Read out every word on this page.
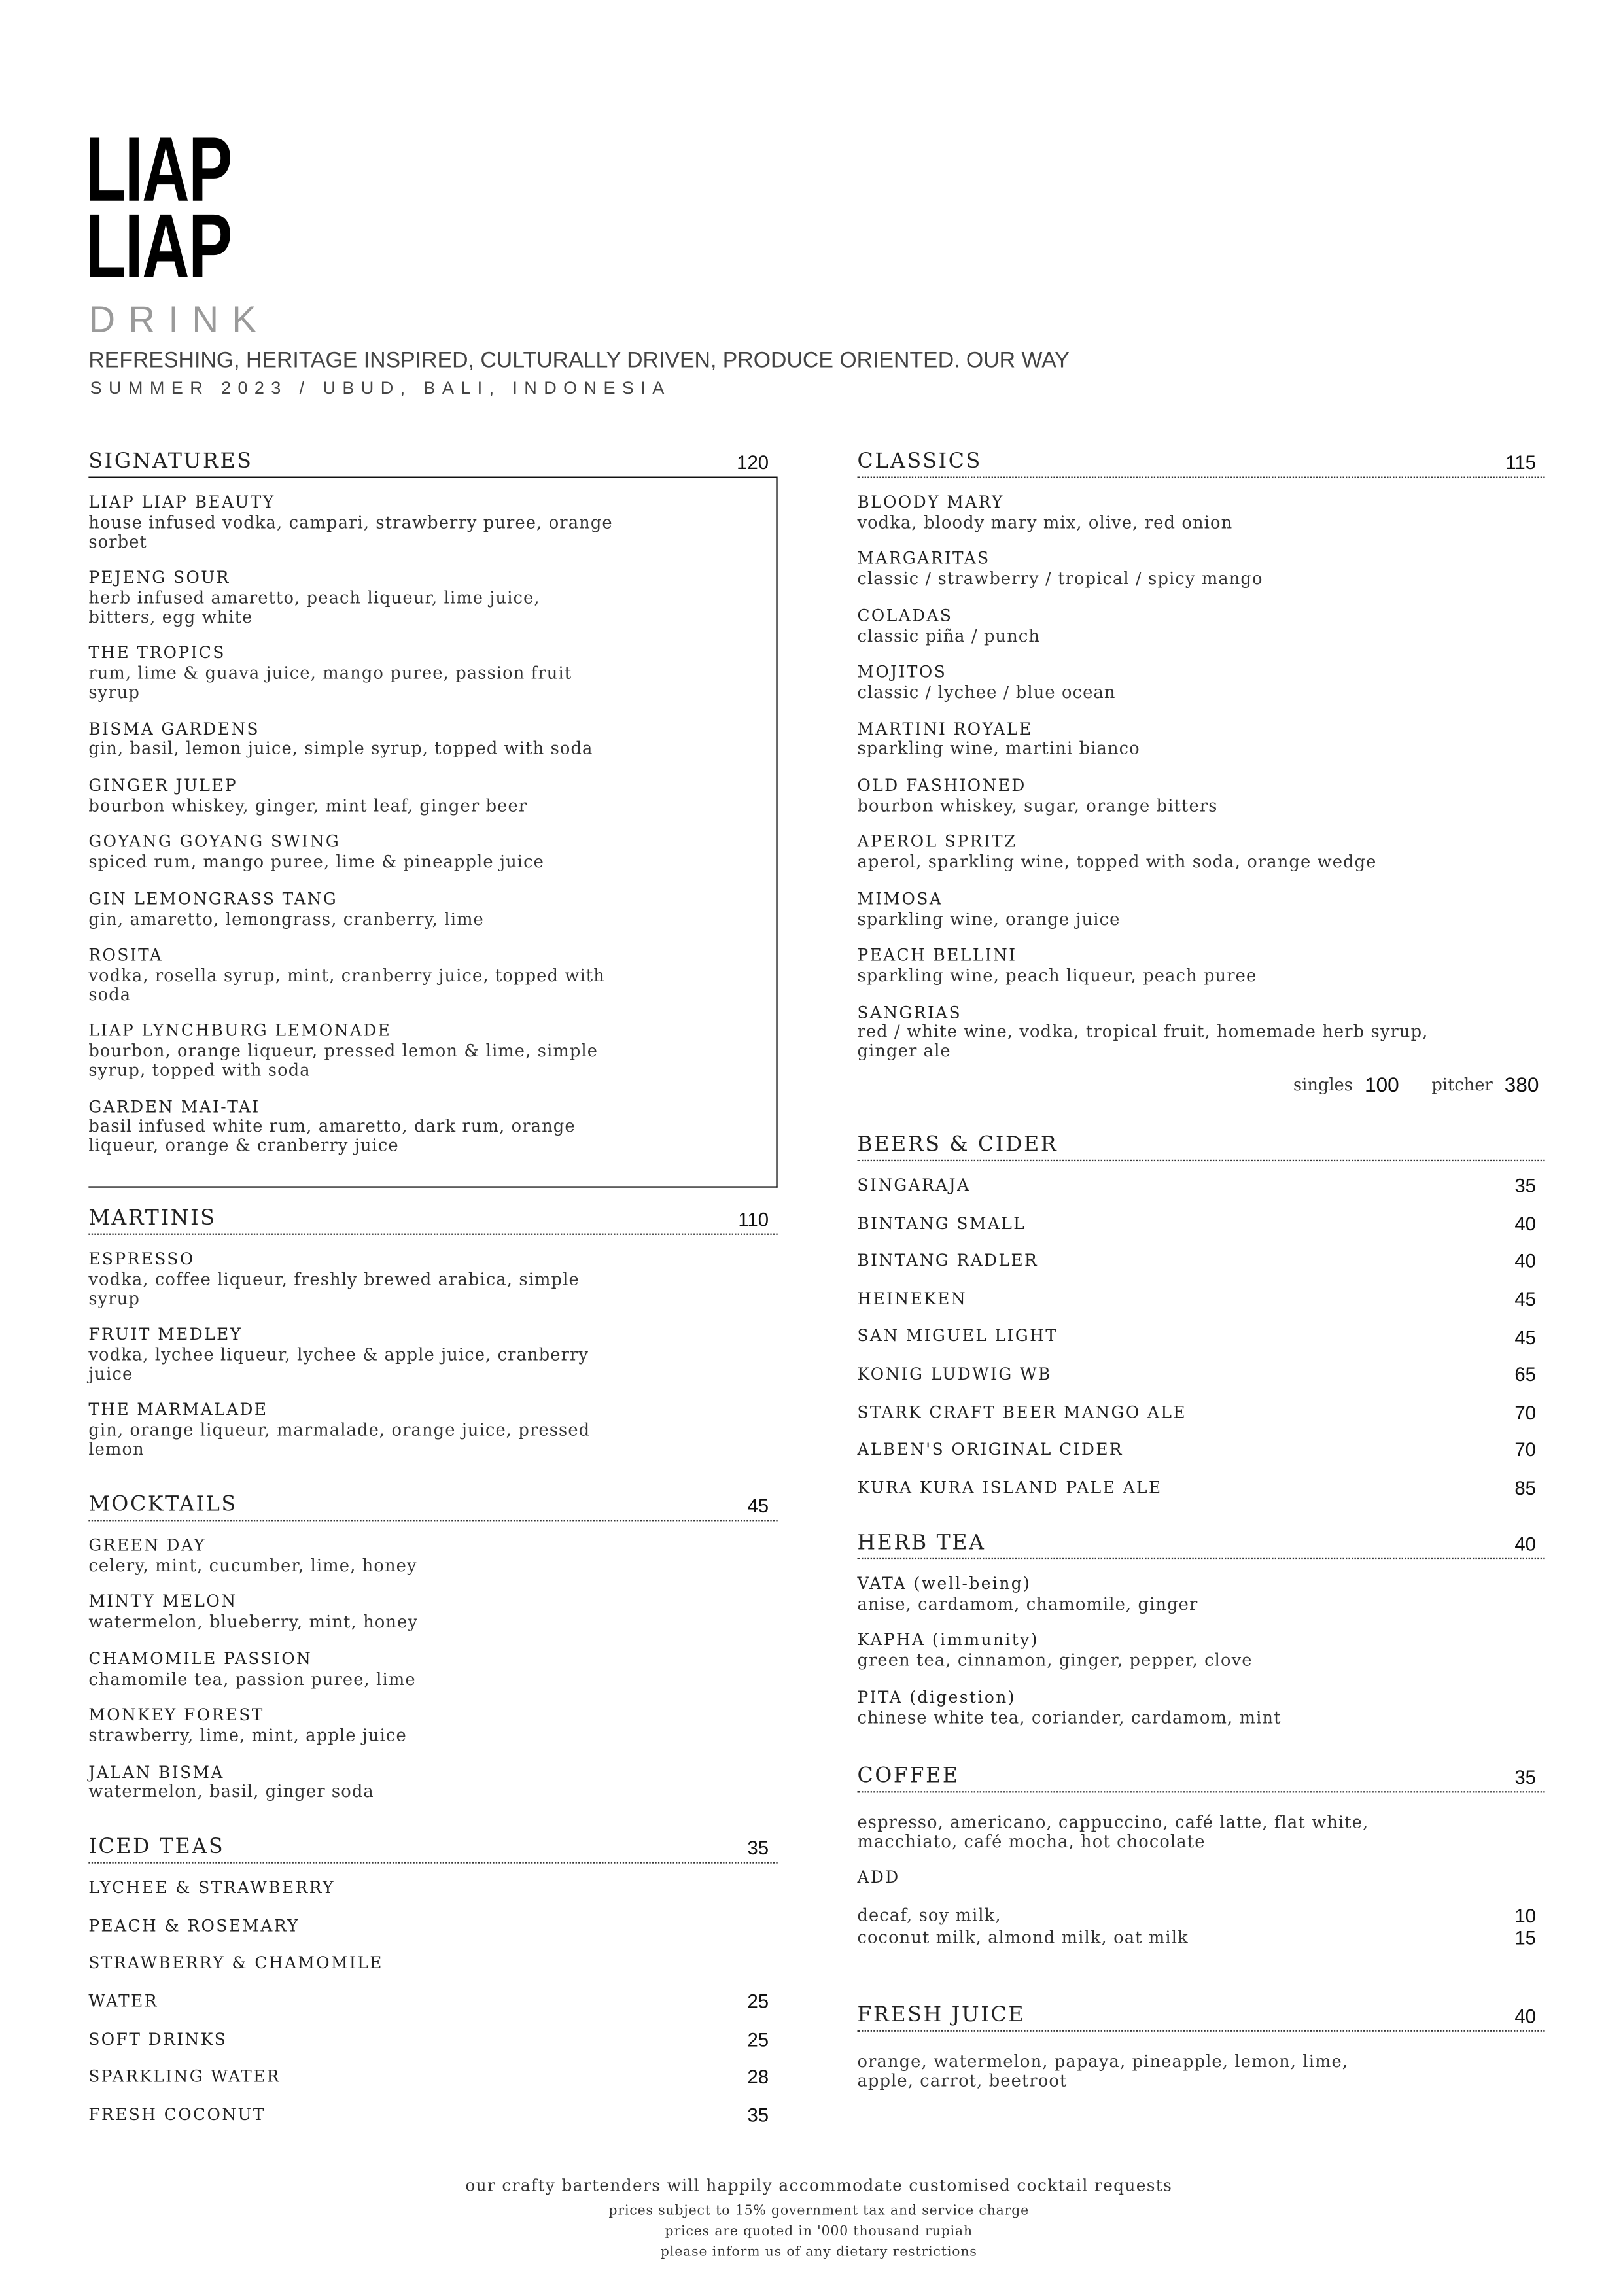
LIAP
LIAP
DRINK
REFRESHING, HERITAGE INSPIRED, CULTURALLY DRIVEN, PRODUCE ORIENTED. OUR WAY
SUMMER 2023 / UBUD, BALI, INDONESIA
SIGNATURES	120
LIAP LIAP BEAUTY
house infused vodka, campari, strawberry puree, orange
sorbet
PEJENG SOUR
herb infused amaretto, peach liqueur, lime juice,
bitters, egg white
THE TROPICS
rum, lime & guava juice, mango puree, passion fruit
syrup
BISMA GARDENS
gin, basil, lemon juice, simple syrup, topped with soda
GINGER JULEP
bourbon whiskey, ginger, mint leaf, ginger beer
GOYANG GOYANG SWING
spiced rum, mango puree, lime & pineapple juice
GIN LEMONGRASS TANG
gin, amaretto, lemongrass, cranberry, lime
ROSITA
vodka, rosella syrup, mint, cranberry juice, topped with
soda
LIAP LYNCHBURG LEMONADE
bourbon, orange liqueur, pressed lemon & lime, simple
syrup, topped with soda
GARDEN MAI-TAI
basil infused white rum, amaretto, dark rum, orange
liqueur, orange & cranberry juice
MARTINIS	110
ESPRESSO
vodka, coffee liqueur, freshly brewed arabica, simple
syrup
FRUIT MEDLEY
vodka, lychee liqueur, lychee & apple juice, cranberry
juice
THE MARMALADE
gin, orange liqueur, marmalade, orange juice, pressed
lemon
MOCKTAILS	45
GREEN DAY
celery, mint, cucumber, lime, honey
MINTY MELON
watermelon, blueberry, mint, honey
CHAMOMILE PASSION
chamomile tea, passion puree, lime
MONKEY FOREST
strawberry, lime, mint, apple juice
JALAN BISMA
watermelon, basil, ginger soda
ICED TEAS	35
LYCHEE & STRAWBERRY
PEACH & ROSEMARY
STRAWBERRY & CHAMOMILE
WATER	25
SOFT DRINKS	25
SPARKLING WATER	28
FRESH COCONUT	35
CLASSICS	115
BLOODY MARY
vodka, bloody mary mix, olive, red onion
MARGARITAS
classic / strawberry / tropical / spicy mango
COLADAS
classic piña / punch
MOJITOS
classic / lychee / blue ocean
MARTINI ROYALE
sparkling wine, martini bianco
OLD FASHIONED
bourbon whiskey, sugar, orange bitters
APEROL SPRITZ
aperol, sparkling wine, topped with soda, orange wedge
MIMOSA
sparkling wine, orange juice
PEACH BELLINI
sparkling wine, peach liqueur, peach puree
SANGRIAS
red / white wine, vodka, tropical fruit, homemade herb syrup,
ginger ale
singles 100	pitcher 380
BEERS & CIDER
SINGARAJA	35
BINTANG SMALL	40
BINTANG RADLER	40
HEINEKEN	45
SAN MIGUEL LIGHT	45
KONIG LUDWIG WB	65
STARK CRAFT BEER MANGO ALE	70
ALBEN'S ORIGINAL CIDER	70
KURA KURA ISLAND PALE ALE	85
HERB TEA	40
VATA (well-being)
anise, cardamom, chamomile, ginger
KAPHA (immunity)
green tea, cinnamon, ginger, pepper, clove
PITA (digestion)
chinese white tea, coriander, cardamom, mint
COFFEE	35
espresso, americano, cappuccino, café latte, flat white,
macchiato, café mocha, hot chocolate
ADD
decaf, soy milk,	10
coconut milk, almond milk, oat milk	15
FRESH JUICE	40
orange, watermelon, papaya, pineapple, lemon, lime,
apple, carrot, beetroot
our crafty bartenders will happily accommodate customised cocktail requests
prices subject to 15% government tax and service charge
prices are quoted in '000 thousand rupiah
please inform us of any dietary restrictions
